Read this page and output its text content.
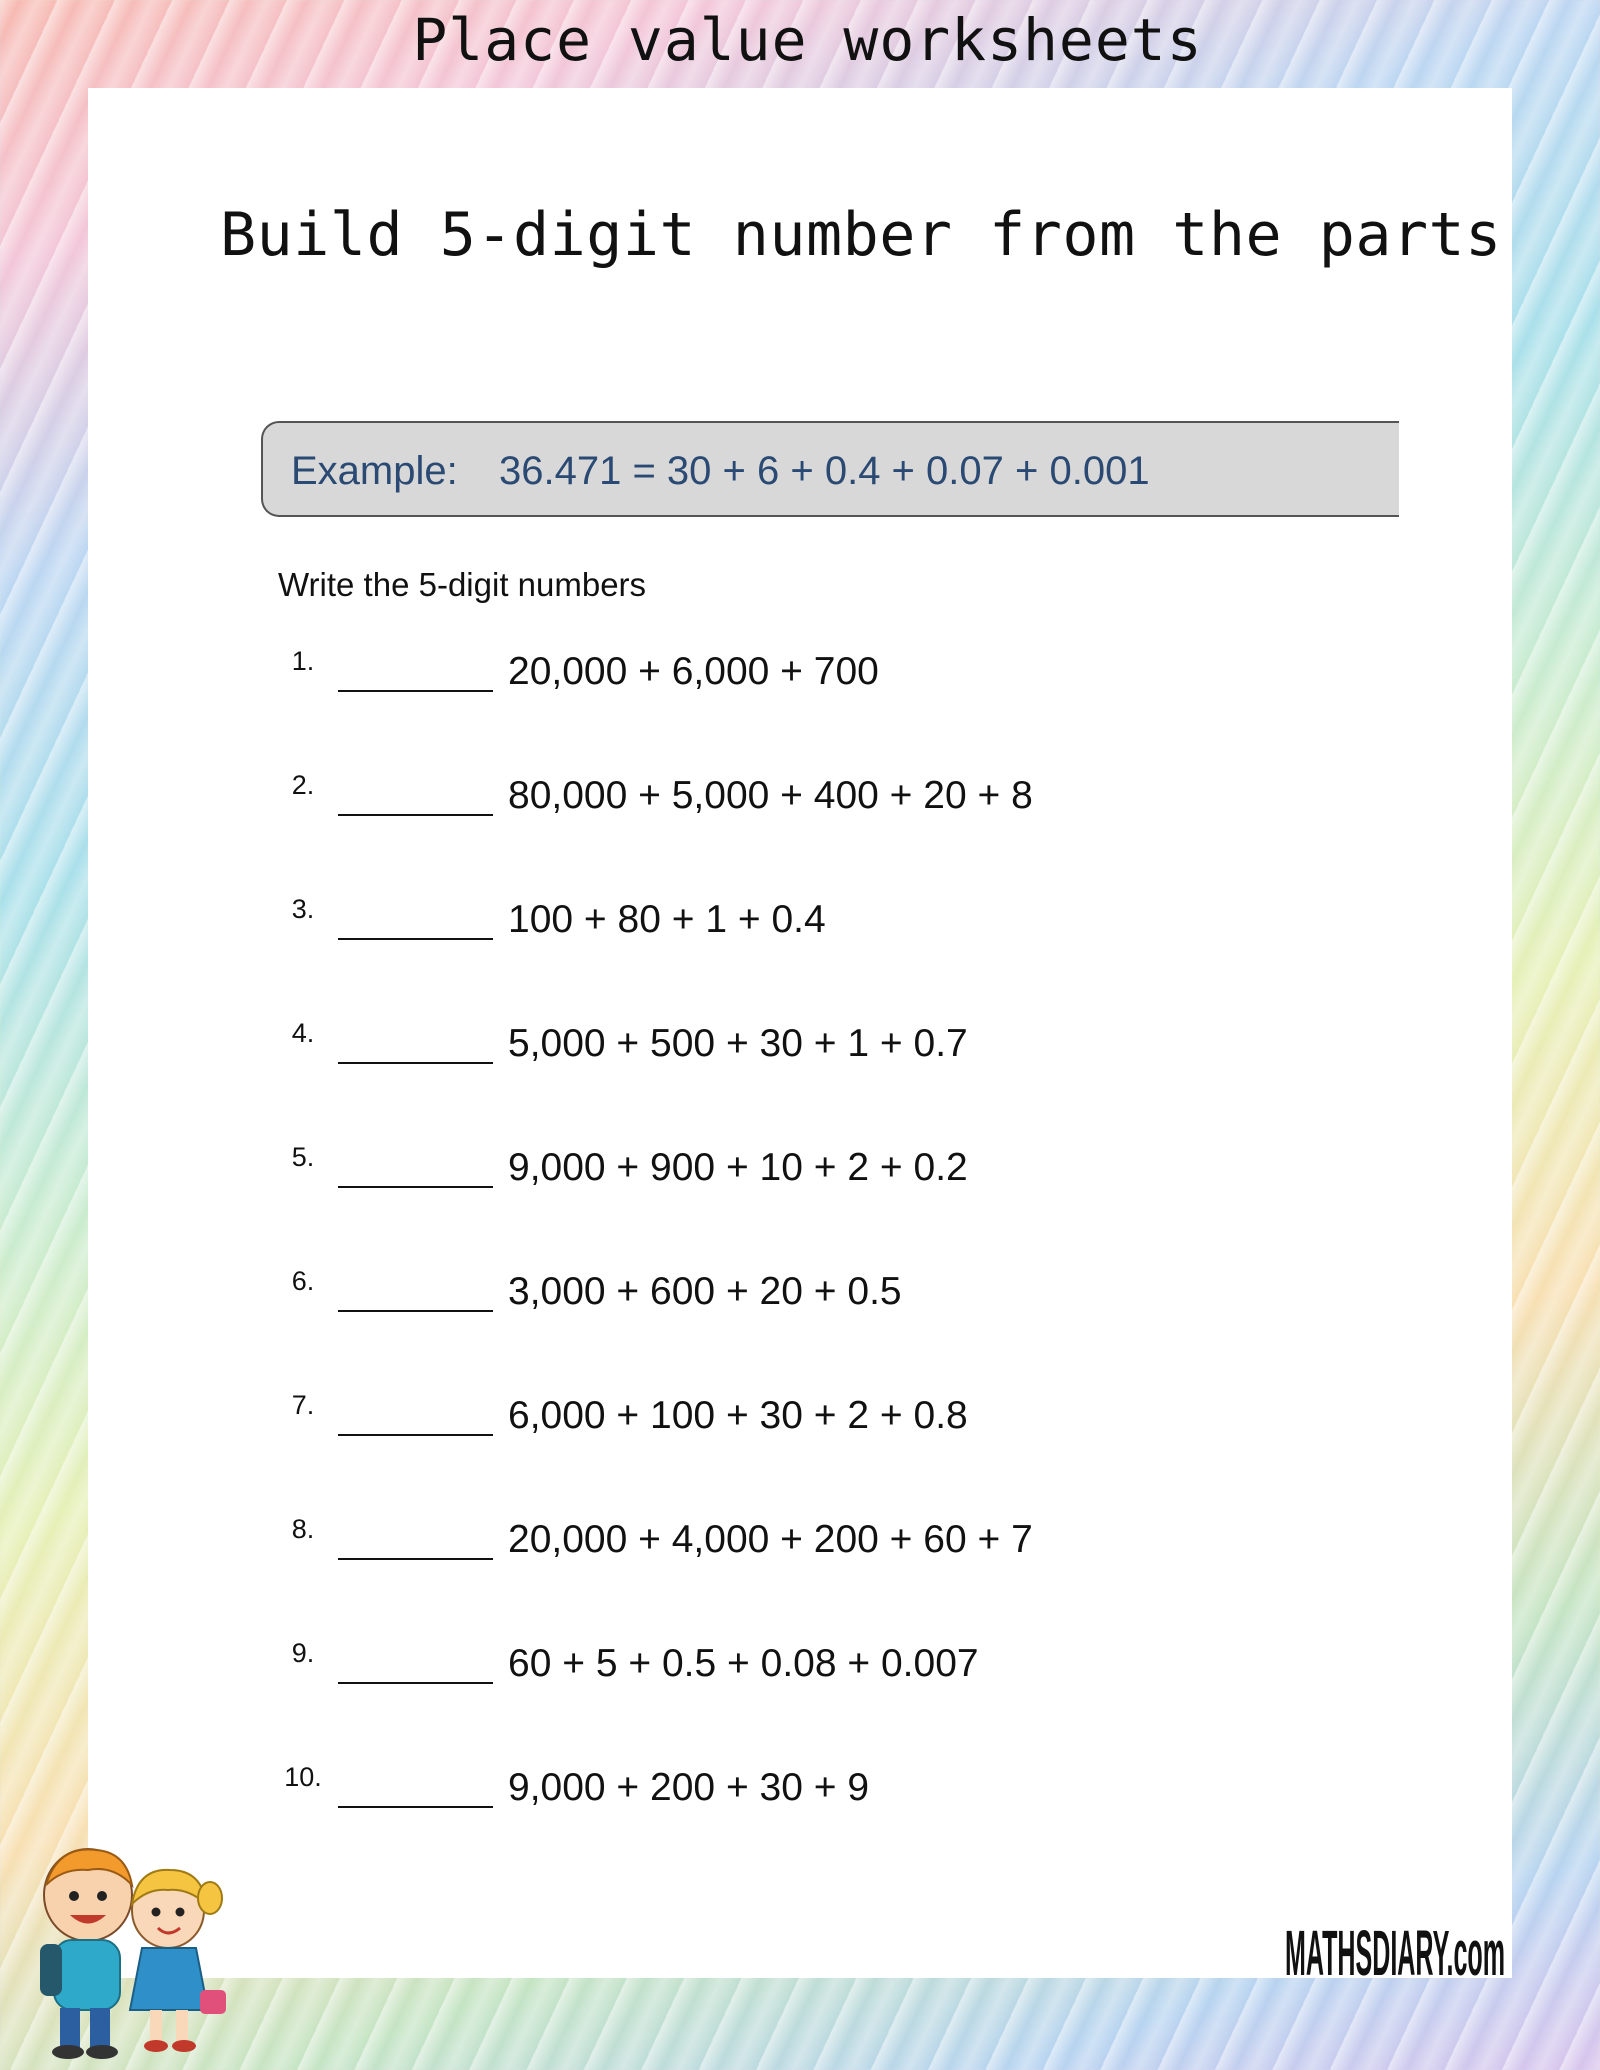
Place value worksheets
Build 5-digit number from the parts
Example: 36.471 = 30 + 6 + 0.4 + 0.07 + 0.001
Write the 5-digit numbers
1.	20,000 + 6,000 + 700
2.	80,000 + 5,000 + 400 + 20 + 8
3.	100 + 80 + 1 + 0.4
4.	5,000 + 500 + 30 + 1 + 0.7
5.	9,000 + 900 + 10 + 2 + 0.2
6.	3,000 + 600 + 20 + 0.5
7.	6,000 + 100 + 30 + 2 + 0.8
8.	20,000 + 4,000 + 200 + 60 + 7
9.	60 + 5 + 0.5 + 0.08 + 0.007
10.	9,000 + 200 + 30 + 9
MATHSDIARY.com
